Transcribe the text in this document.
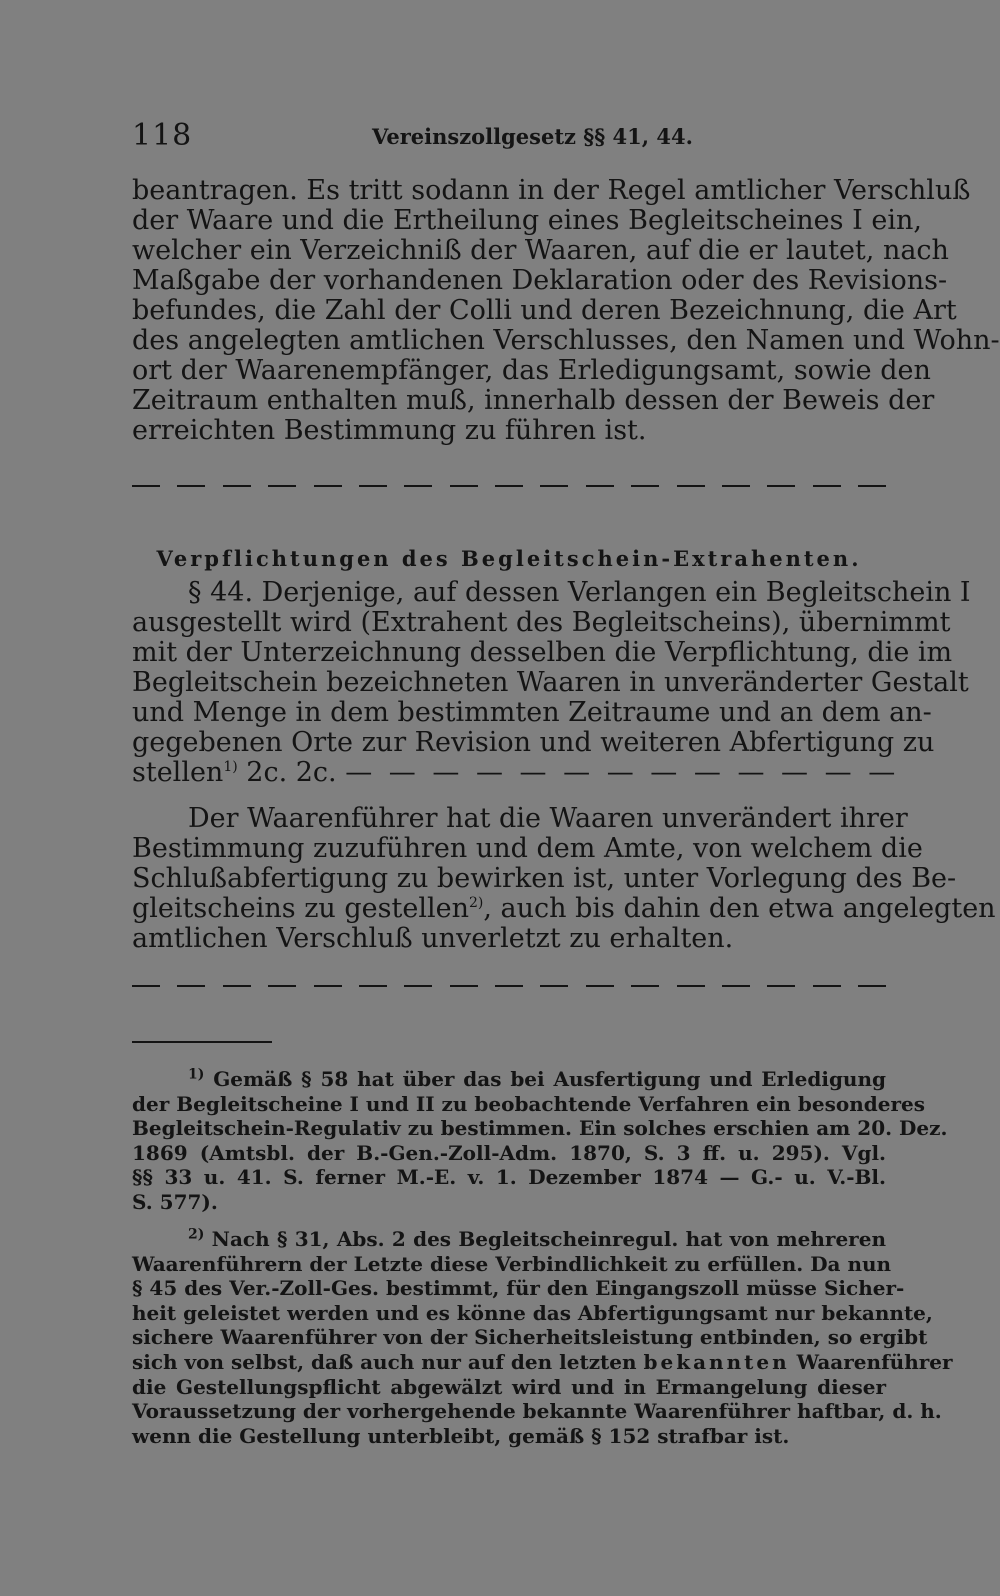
118	Vereinszollgesetz §§ 41, 44.

beantragen. Es tritt sodann in der Regel amtlicher Verschluß
der Waare und die Ertheilung eines Begleitscheines I ein,
welcher ein Verzeichniß der Waaren, auf die er lautet, nach
Maßgabe der vorhandenen Deklaration oder des Revisions-
befundes, die Zahl der Colli und deren Bezeichnung, die Art
des angelegten amtlichen Verschlusses, den Namen und Wohn-
ort der Waarenempfänger, das Erledigungsamt, sowie den
Zeitraum enthalten muß, innerhalb dessen der Beweis der
erreichten Bestimmung zu führen ist.

Verpflichtungen des Begleitschein-Extrahenten.

§ 44. Derjenige, auf dessen Verlangen ein Begleitschein I
ausgestellt wird (Extrahent des Begleitscheins), übernimmt
mit der Unterzeichnung desselben die Verpflichtung, die im
Begleitschein bezeichneten Waaren in unveränderter Gestalt
und Menge in dem bestimmten Zeitraume und an dem an-
gegebenen Orte zur Revision und weiteren Abfertigung zu
stellen$^{1)}$ 2c. 2c. — — — — — — — — — — — — —

Der Waarenführer hat die Waaren unverändert ihrer
Bestimmung zuzuführen und dem Amte, von welchem die
Schlußabfertigung zu bewirken ist, unter Vorlegung des Be-
gleitscheins zu gestellen$^{2)}$, auch bis dahin den etwa angelegten
amtlichen Verschluß unverletzt zu erhalten.

$^{1)}$ Gemäß § 58 hat über das bei Ausfertigung und Erledigung
der Begleitscheine I und II zu beobachtende Verfahren ein besonderes
Begleitschein-Regulativ zu bestimmen. Ein solches erschien am 20. Dez.
1869 (Amtsbl. der B.-Gen.-Zoll-Adm. 1870, S. 3 ff. u. 295). Vgl.
§§ 33 u. 41. S. ferner M.-E. v. 1. Dezember 1874 — G.- u. V.-Bl.
S. 577).

$^{2)}$ Nach § 31, Abs. 2 des Begleitscheinregul. hat von mehreren
Waarenführern der Letzte diese Verbindlichkeit zu erfüllen. Da nun
§ 45 des Ver.-Zoll-Ges. bestimmt, für den Eingangszoll müsse Sicher-
heit geleistet werden und es könne das Abfertigungsamt nur bekannte,
sichere Waarenführer von der Sicherheitsleistung entbinden, so ergibt
sich von selbst, daß auch nur auf den letzten bekannten Waarenführer
die Gestellungspflicht abgewälzt wird und in Ermangelung dieser
Voraussetzung der vorhergehende bekannte Waarenführer haftbar, d. h.
wenn die Gestellung unterbleibt, gemäß § 152 strafbar ist.
